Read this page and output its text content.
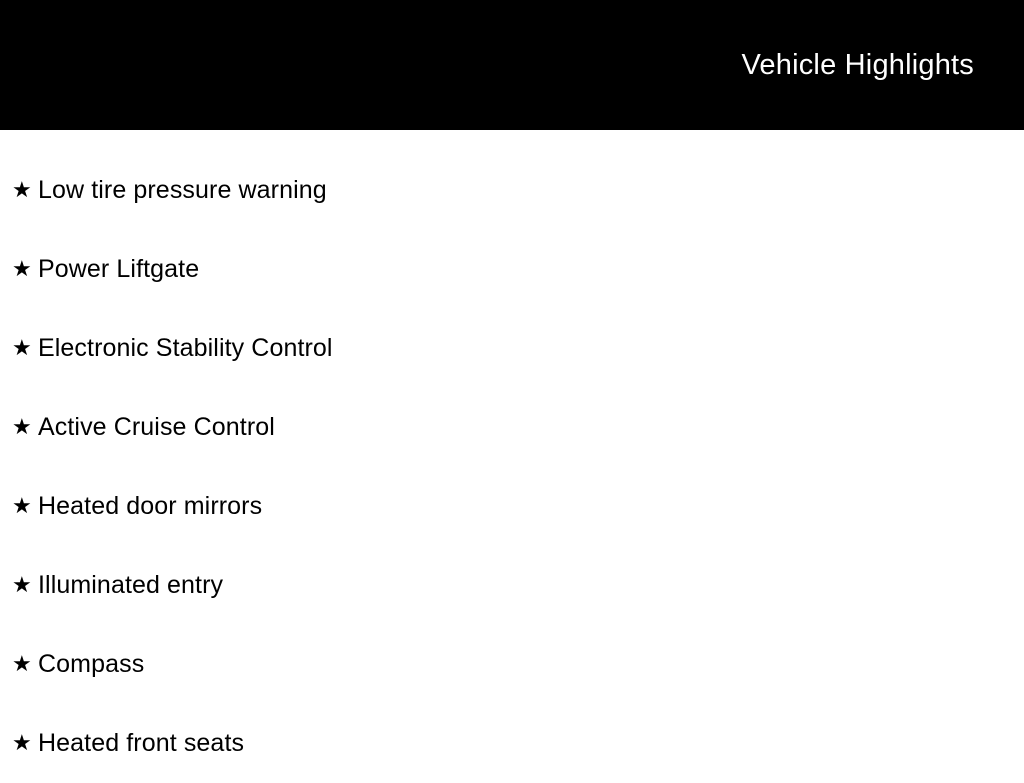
Vehicle Highlights
★ Low tire pressure warning
★ Power Liftgate
★ Electronic Stability Control
★ Active Cruise Control
★ Heated door mirrors
★ Illuminated entry
★ Compass
★ Heated front seats
